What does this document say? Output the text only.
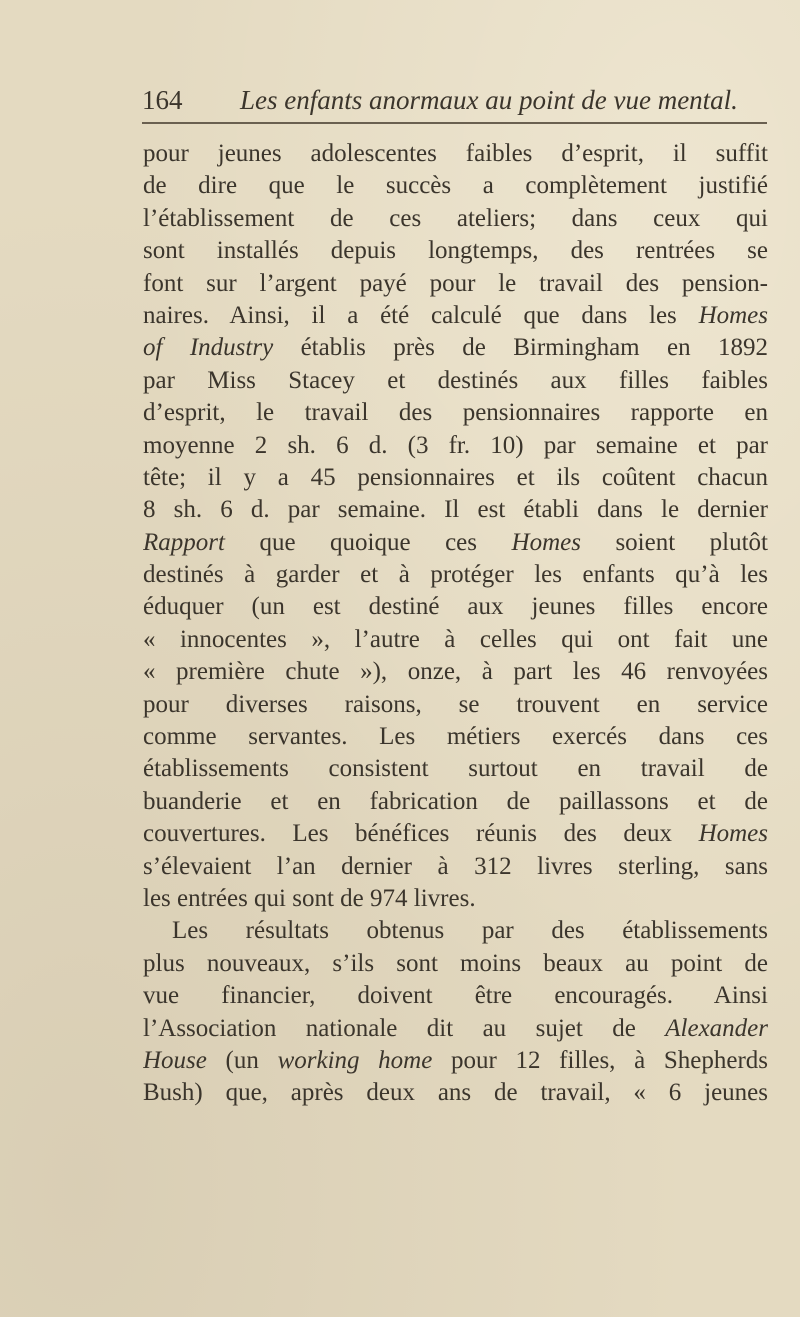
164 Les enfants anormaux au point de vue mental.
pour jeunes adolescentes faibles d’esprit, il suffit
de dire que le succès a complètement justifié
l’établissement de ces ateliers; dans ceux qui
sont installés depuis longtemps, des rentrées se
font sur l’argent payé pour le travail des pension-
naires. Ainsi, il a été calculé que dans les Homes
of Industry établis près de Birmingham en 1892
par Miss Stacey et destinés aux filles faibles
d’esprit, le travail des pensionnaires rapporte en
moyenne 2 sh. 6 d. (3 fr. 10) par semaine et par
tête; il y a 45 pensionnaires et ils coûtent chacun
8 sh. 6 d. par semaine. Il est établi dans le dernier
Rapport que quoique ces Homes soient plutôt
destinés à garder et à protéger les enfants qu’à les
éduquer (un est destiné aux jeunes filles encore
« innocentes », l’autre à celles qui ont fait une
« première chute »), onze, à part les 46 renvoyées
pour diverses raisons, se trouvent en service
comme servantes. Les métiers exercés dans ces
établissements consistent surtout en travail de
buanderie et en fabrication de paillassons et de
couvertures. Les bénéfices réunis des deux Homes
s’élevaient l’an dernier à 312 livres sterling, sans
les entrées qui sont de 974 livres.
Les résultats obtenus par des établissements
plus nouveaux, s’ils sont moins beaux au point de
vue financier, doivent être encouragés. Ainsi
l’Association nationale dit au sujet de Alexander
House (un working home pour 12 filles, à Shepherds
Bush) que, après deux ans de travail, « 6 jeunes
